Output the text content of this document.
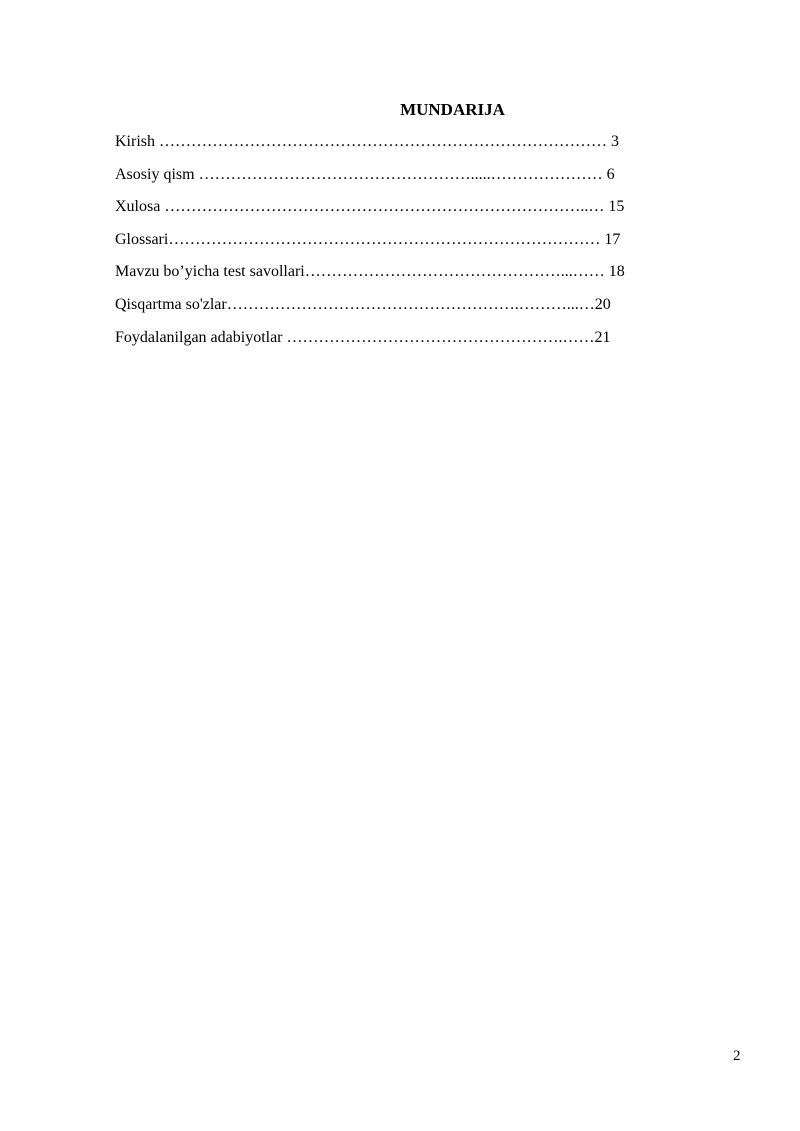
MUNDARIJA
Kirish ………………………………………………………………………… 3
Asosiy qism …………………………………………….....………………… 6
Xulosa ……………………………………………………………………..… 15
Glossari……………………………………………………………………… 17
Mavzu bo’yicha test savollari…………………………………………...…… 18
Qisqartma so'zlar……………………………………………….………...…20
Foydalanilgan adabiyotlar …………………………………………….……21
2
